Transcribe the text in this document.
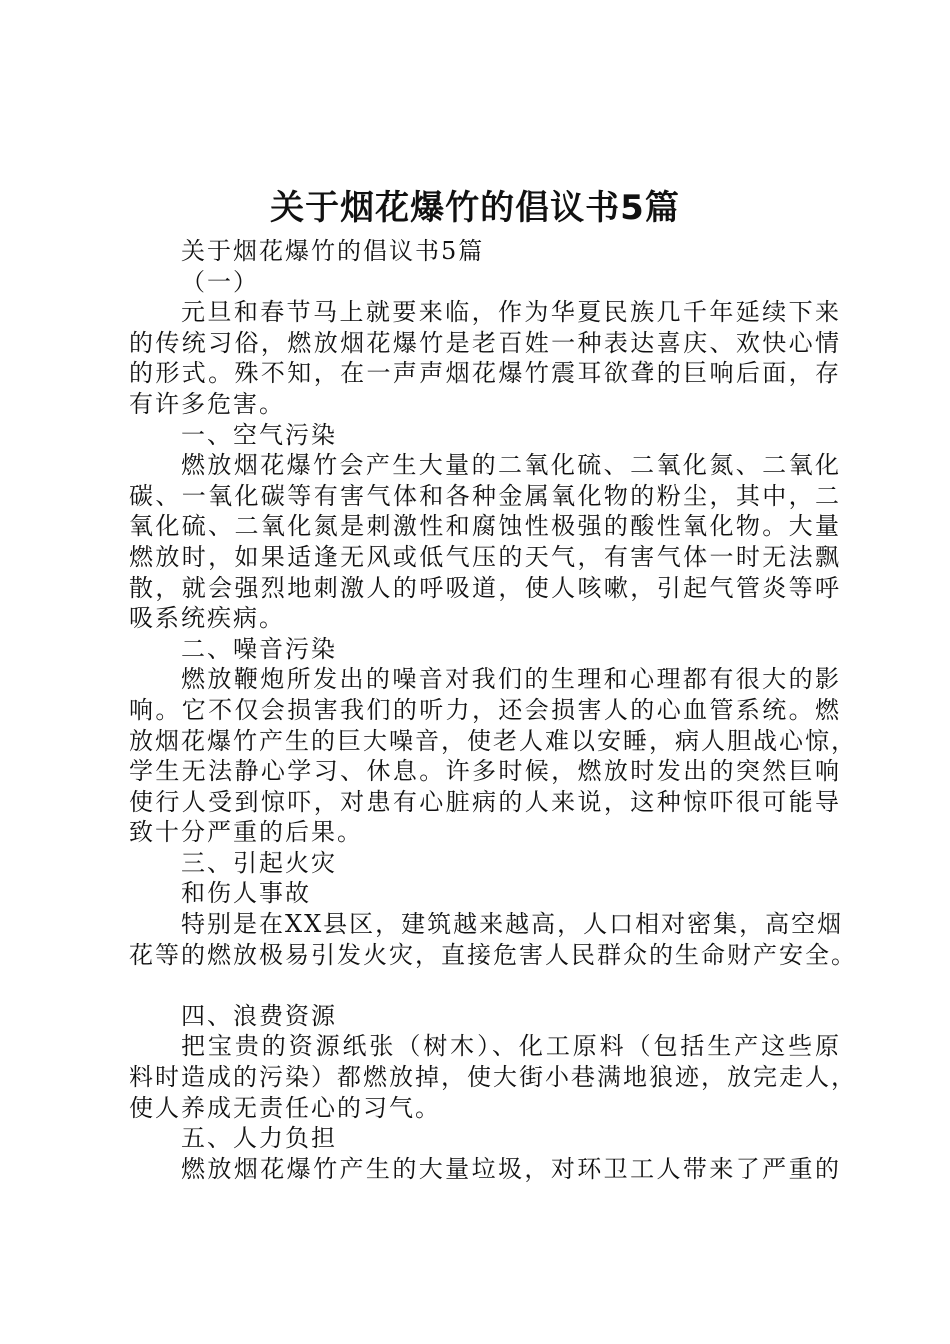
关于烟花爆竹的倡议书5篇
关于烟花爆竹的倡议书5篇
（一）
元旦和春节马上就要来临，作为华夏民族几千年延续下来
的传统习俗，燃放烟花爆竹是老百姓一种表达喜庆、欢快心情
的形式。殊不知，在一声声烟花爆竹震耳欲聋的巨响后面，存
有许多危害。
一、空气污染
燃放烟花爆竹会产生大量的二氧化硫、二氧化氮、二氧化
碳、一氧化碳等有害气体和各种金属氧化物的粉尘，其中，二
氧化硫、二氧化氮是刺激性和腐蚀性极强的酸性氧化物。大量
燃放时，如果适逢无风或低气压的天气，有害气体一时无法飘
散，就会强烈地刺激人的呼吸道，使人咳嗽，引起气管炎等呼
吸系统疾病。
二、噪音污染
燃放鞭炮所发出的噪音对我们的生理和心理都有很大的影
响。它不仅会损害我们的听力，还会损害人的心血管系统。燃
放烟花爆竹产生的巨大噪音，使老人难以安睡，病人胆战心惊，
学生无法静心学习、休息。许多时候，燃放时发出的突然巨响
使行人受到惊吓，对患有心脏病的人来说，这种惊吓很可能导
致十分严重的后果。
三、引起火灾
和伤人事故
特别是在XX县区，建筑越来越高，人口相对密集，高空烟
花等的燃放极易引发火灾，直接危害人民群众的生命财产安全。
四、浪费资源
把宝贵的资源纸张（树木）、化工原料（包括生产这些原
料时造成的污染）都燃放掉，使大街小巷满地狼迹，放完走人，
使人养成无责任心的习气。
五、人力负担
燃放烟花爆竹产生的大量垃圾，对环卫工人带来了严重的
